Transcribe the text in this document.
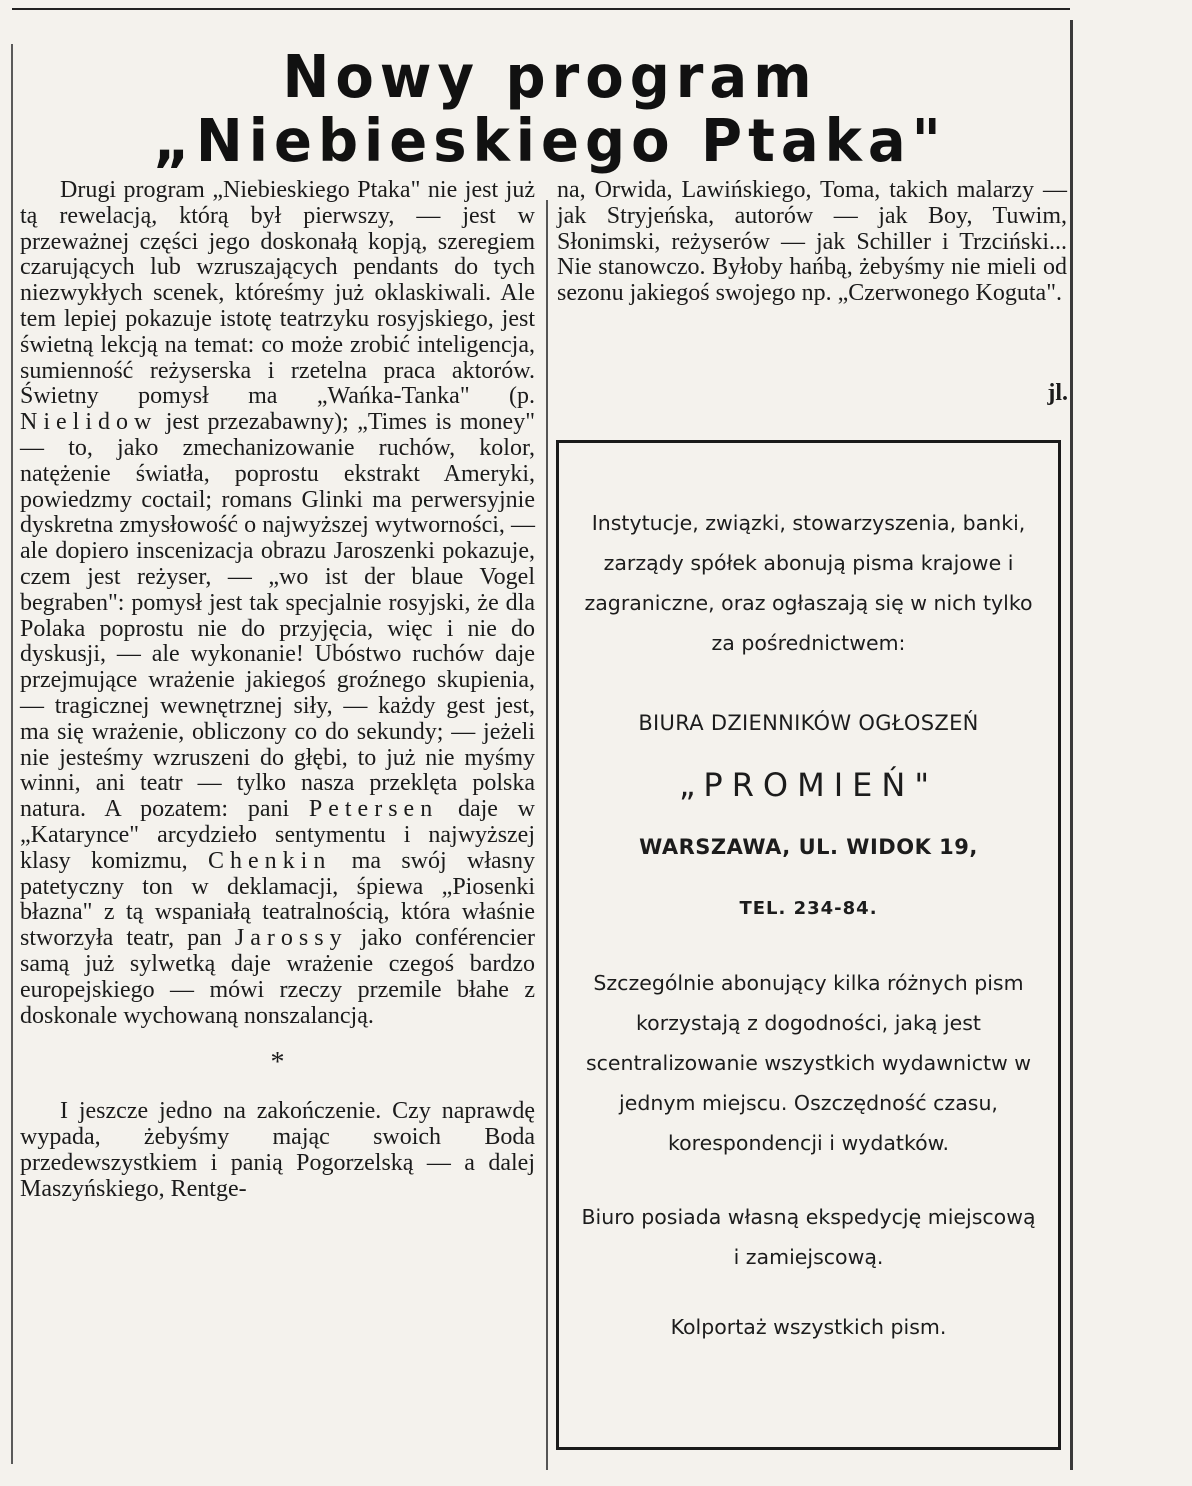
Nowy program
„Niebieskiego Ptaka"

Drugi program „Niebieskiego Ptaka" nie jest już tą rewelacją, którą był pierwszy, — jest w przeważnej części jego doskonałą kopją, szeregiem czarujących lub wzruszających pendants do tych niezwykłych scenek, któreśmy już oklaskiwali. Ale tem lepiej pokazuje istotę teatrzyku rosyjskiego, jest świetną lekcją na temat: co może zrobić inteligencja, sumienność reżyserska i rzetelna praca aktorów. Świetny pomysł ma „Wańka-Tanka" (p. Nielidow jest przezabawny); „Times is money" — to, jako zmechanizowanie ruchów, kolor, natężenie światła, poprostu ekstrakt Ameryki, powiedzmy coctail; romans Glinki ma perwersyjnie dyskretna zmysłowość o najwyższej wytworności, — ale dopiero inscenizacja obrazu Jaroszenki pokazuje, czem jest reżyser, — „wo ist der blaue Vogel begraben": pomysł jest tak specjalnie rosyjski, że dla Polaka poprostu nie do przyjęcia, więc i nie do dyskusji, — ale wykonanie! Ubóstwo ruchów daje przejmujące wrażenie jakiegoś groźnego skupienia, — tragicznej wewnętrznej siły, — każdy gest jest, ma się wrażenie, obliczony co do sekundy; — jeżeli nie jesteśmy wzruszeni do głębi, to już nie myśmy winni, ani teatr — tylko nasza przeklęta polska natura. A pozatem: pani Petersen daje w „Katarynce" arcydzieło sentymentu i najwyższej klasy komizmu, Chenkin ma swój własny patetyczny ton w deklamacji, śpiewa „Piosenki błazna" z tą wspaniałą teatralnością, która właśnie stworzyła teatr, pan Jarossy jako conférencier samą już sylwetką daje wrażenie czegoś bardzo europejskiego — mówi rzeczy przemile błahe z doskonale wychowaną nonszalancją.

*

I jeszcze jedno na zakończenie. Czy naprawdę wypada, żebyśmy mając swoich Boda przedewszystkiem i panią Pogorzelską — a dalej Maszyńskiego, Rentge-

na, Orwida, Lawińskiego, Toma, takich malarzy — jak Stryjeńska, autorów — jak Boy, Tuwim, Słonimski, reżyserów — jak Schiller i Trzciński... Nie stanowczo. Byłoby hańbą, żebyśmy nie mieli od sezonu jakiegoś swojego np. „Czerwonego Koguta".

jl.
Instytucje, związki, stowarzyszenia, banki, zarządy spółek abonują pisma krajowe i zagraniczne, oraz ogłaszają się w nich tylko za pośrednictwem:
BIURA DZIENNIKÓW OGŁOSZEŃ
„PROMIEŃ"
WARSZAWA, UL. WIDOK 19,
TEL. 234-84.
Szczególnie abonujący kilka różnych pism korzystają z dogodności, jaką jest scentralizowanie wszystkich wydawnictw w jednym miejscu. Oszczędność czasu, korespondencji i wydatków.
Biuro posiada własną ekspedycję miejscową i zamiejscową.
Kolportaż wszystkich pism.
